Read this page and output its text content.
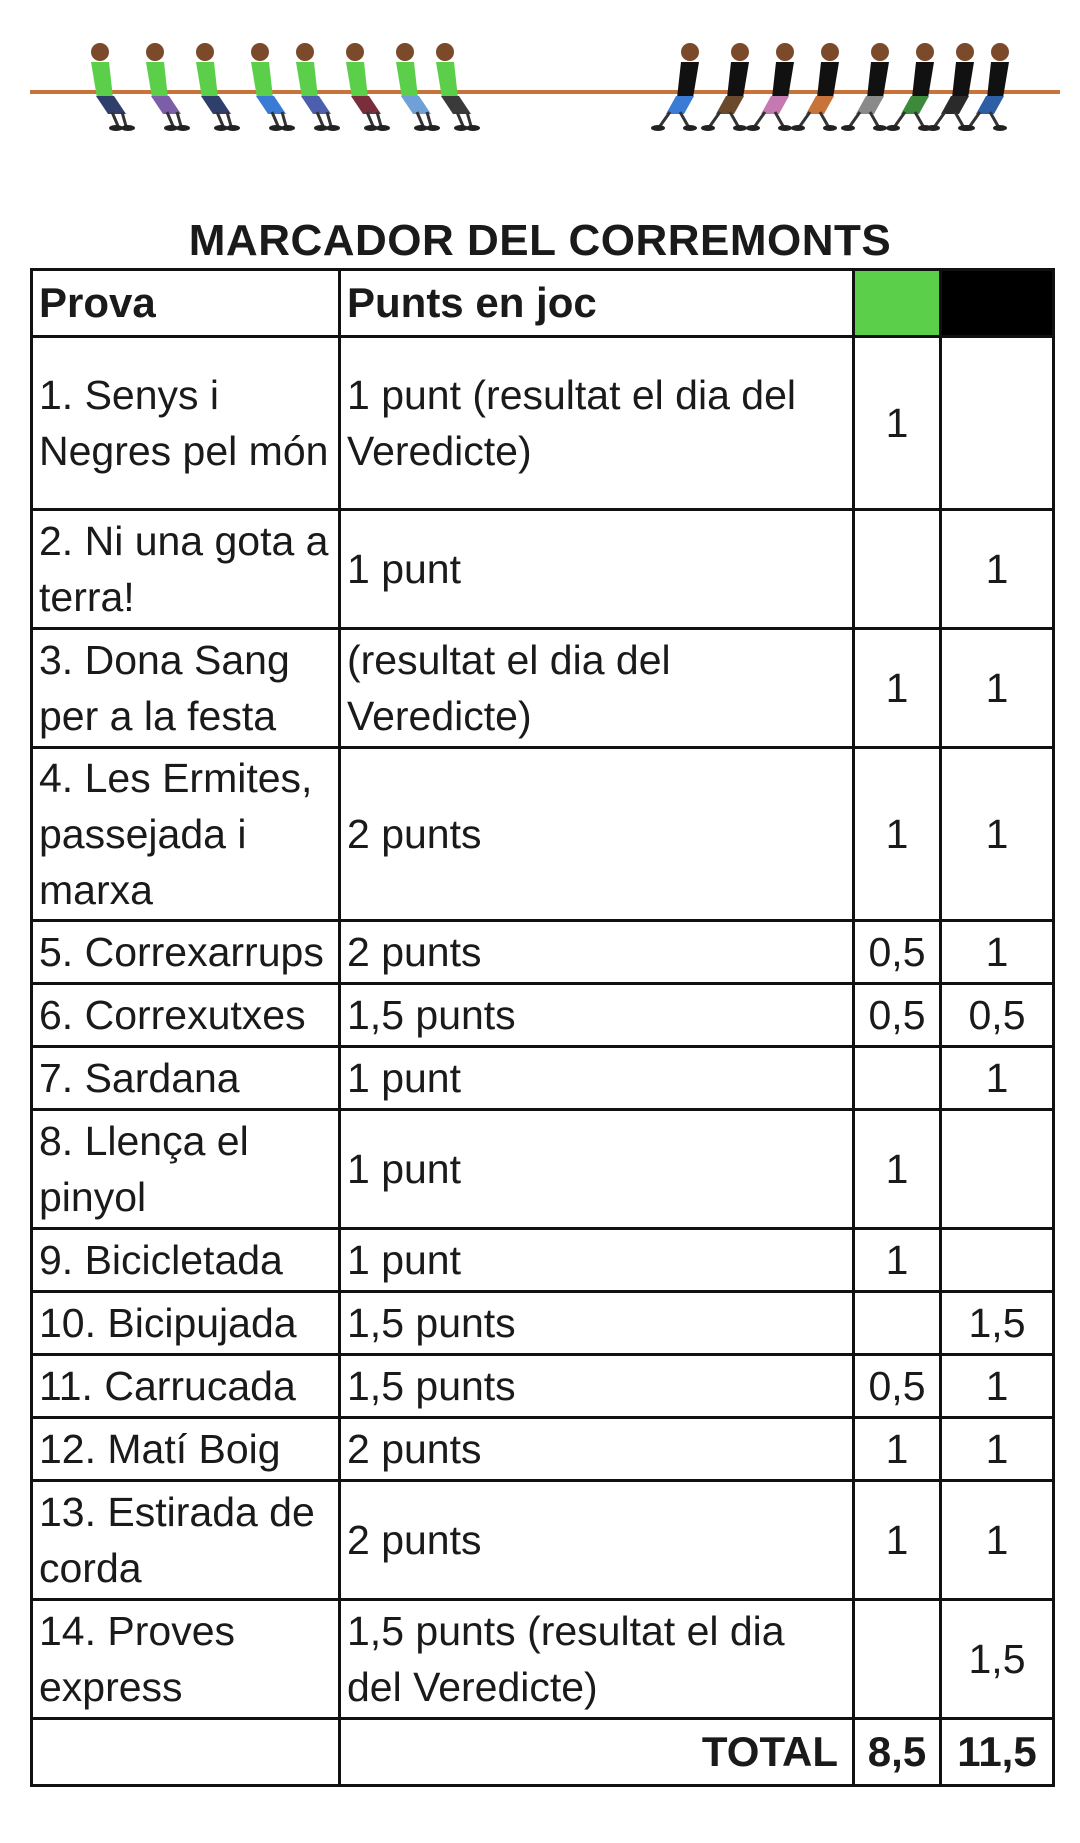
MARCADOR DEL CORREMONTS
Prova	Punts en joc		
1. Senys i Negres pel món	1 punt (resultat el dia del Veredicte)	1	
2. Ni una gota a terra!	1 punt		1
3. Dona Sang per a la festa	(resultat el dia del Veredicte)	1	1
4. Les Ermites, passejada i marxa	2 punts	1	1
5. Correxarrups	2 punts	0,5	1
6. Correxutxes	1,5 punts	0,5	0,5
7. Sardana	1 punt		1
8. Llença el pinyol	1 punt	1	
9. Bicicletada	1 punt	1	
10. Bicipujada	1,5 punts		1,5
11. Carrucada	1,5 punts	0,5	1
12. Matí Boig	2 punts	1	1
13. Estirada de corda	2 punts	1	1
14. Proves express	1,5 punts (resultat el dia del Veredicte)		1,5
	TOTAL	8,5	11,5
